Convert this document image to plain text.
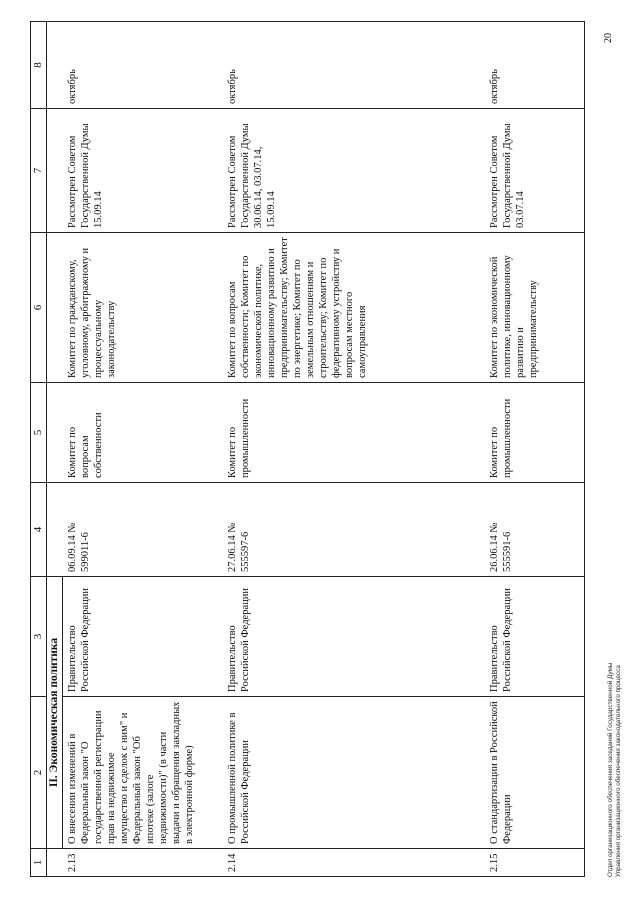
1	2	3	4	5	6	7	8
	II. Экономическая политика						
2.13	О внесении изменений в Федеральный закон "О государственной регистрации прав на недвижимое имущество и сделок с ним" и Федеральный закон "Об ипотеке (залоге недвижимости)" (в части выдачи и обращения закладных в электронной форме)	Правительство Российской Федерации	06.09.14 № 599011-6	Комитет по вопросам собственности	Комитет по гражданскому, уголовному, арбитражному и процессуальному законодательству	Рассмотрен Советом Государственной Думы 15.09.14	октябрь
2.14	О промышленной политике в Российской Федерации	Правительство Российской Федерации	27.06.14 № 555597-6	Комитет по промышленности	Комитет по вопросам собственности; Комитет по экономической политике, инновационному развитию и предпринимательству; Комитет по энергетике; Комитет по земельным отношениям и строительству; Комитет по федеративному устройству и вопросам местного самоуправления	Рассмотрен Советом Государственной Думы 30.06.14, 03.07.14, 15.09.14	октябрь
2.15	О стандартизации в Российской Федерации	Правительство Российской Федерации	26.06.14 № 555591-6	Комитет по промышленности	Комитет по экономической политике, инновационному развитию и предпринимательству	Рассмотрен Советом Государственной Думы 03.07.14	октябрь
Отдел организационного обеспечения заседаний Государственной Думы Управления организационного обеспечения законодательного процесса
20
